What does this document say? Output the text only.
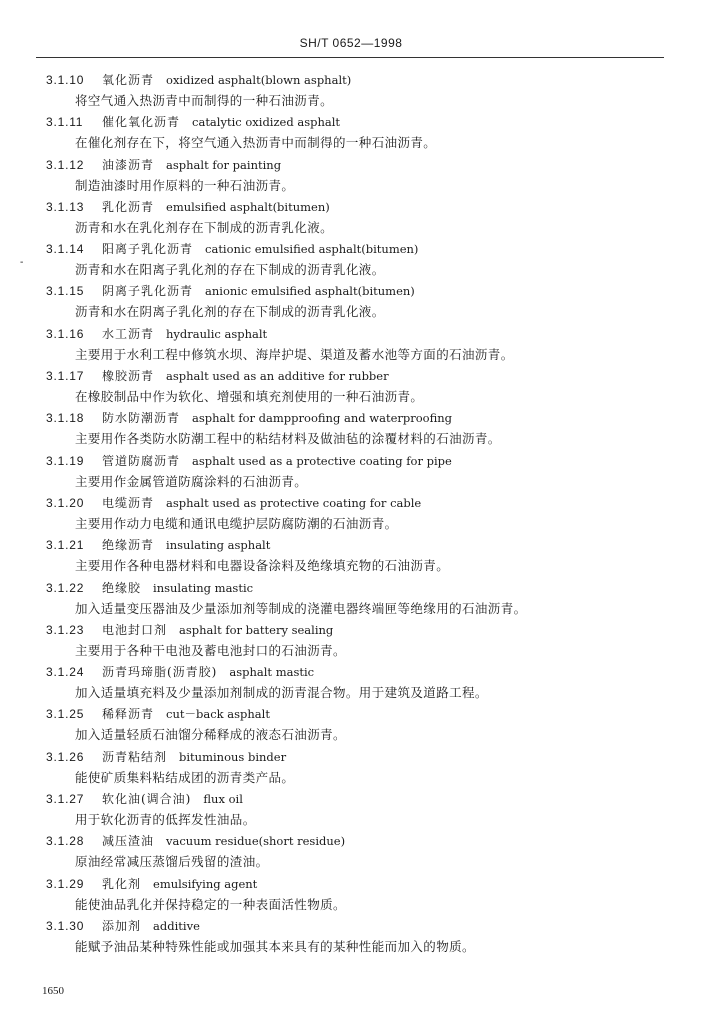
SH/T 0652—1998
-
3.1.10 氧化沥青 oxidized asphalt(blown asphalt)
将空气通入热沥青中而制得的一种石油沥青。
3.1.11 催化氧化沥青 catalytic oxidized asphalt
在催化剂存在下，将空气通入热沥青中而制得的一种石油沥青。
3.1.12 油漆沥青 asphalt for painting
制造油漆时用作原料的一种石油沥青。
3.1.13 乳化沥青 emulsified asphalt(bitumen)
沥青和水在乳化剂存在下制成的沥青乳化液。
3.1.14 阳离子乳化沥青 cationic emulsified asphalt(bitumen)
沥青和水在阳离子乳化剂的存在下制成的沥青乳化液。
3.1.15 阴离子乳化沥青 anionic emulsified asphalt(bitumen)
沥青和水在阴离子乳化剂的存在下制成的沥青乳化液。
3.1.16 水工沥青 hydraulic asphalt
主要用于水利工程中修筑水坝、海岸护堤、渠道及蓄水池等方面的石油沥青。
3.1.17 橡胶沥青 asphalt used as an additive for rubber
在橡胶制品中作为软化、增强和填充剂使用的一种石油沥青。
3.1.18 防水防潮沥青 asphalt for dampproofing and waterproofing
主要用作各类防水防潮工程中的粘结材料及做油毡的涂覆材料的石油沥青。
3.1.19 管道防腐沥青 asphalt used as a protective coating for pipe
主要用作金属管道防腐涂料的石油沥青。
3.1.20 电缆沥青 asphalt used as protective coating for cable
主要用作动力电缆和通讯电缆护层防腐防潮的石油沥青。
3.1.21 绝缘沥青 insulating asphalt
主要用作各种电器材料和电器设备涂料及绝缘填充物的石油沥青。
3.1.22 绝缘胶 insulating mastic
加入适量变压器油及少量添加剂等制成的浇灌电器终端匣等绝缘用的石油沥青。
3.1.23 电池封口剂 asphalt for battery sealing
主要用于各种干电池及蓄电池封口的石油沥青。
3.1.24 沥青玛𤧛脂(沥青胶) asphalt mastic
加入适量填充料及少量添加剂制成的沥青混合物。用于建筑及道路工程。
3.1.25 稀释沥青 cut－back asphalt
加入适量轻质石油馏分稀释成的液态石油沥青。
3.1.26 沥青粘结剂 bituminous binder
能使矿质集料粘结成团的沥青类产品。
3.1.27 软化油(调合油) flux oil
用于软化沥青的低挥发性油品。
3.1.28 减压渣油 vacuum residue(short residue)
原油经常减压蒸馏后残留的渣油。
3.1.29 乳化剂 emulsifying agent
能使油品乳化并保持稳定的一种表面活性物质。
3.1.30 添加剂 additive
能赋予油品某种特殊性能或加强其本来具有的某种性能而加入的物质。
1650
